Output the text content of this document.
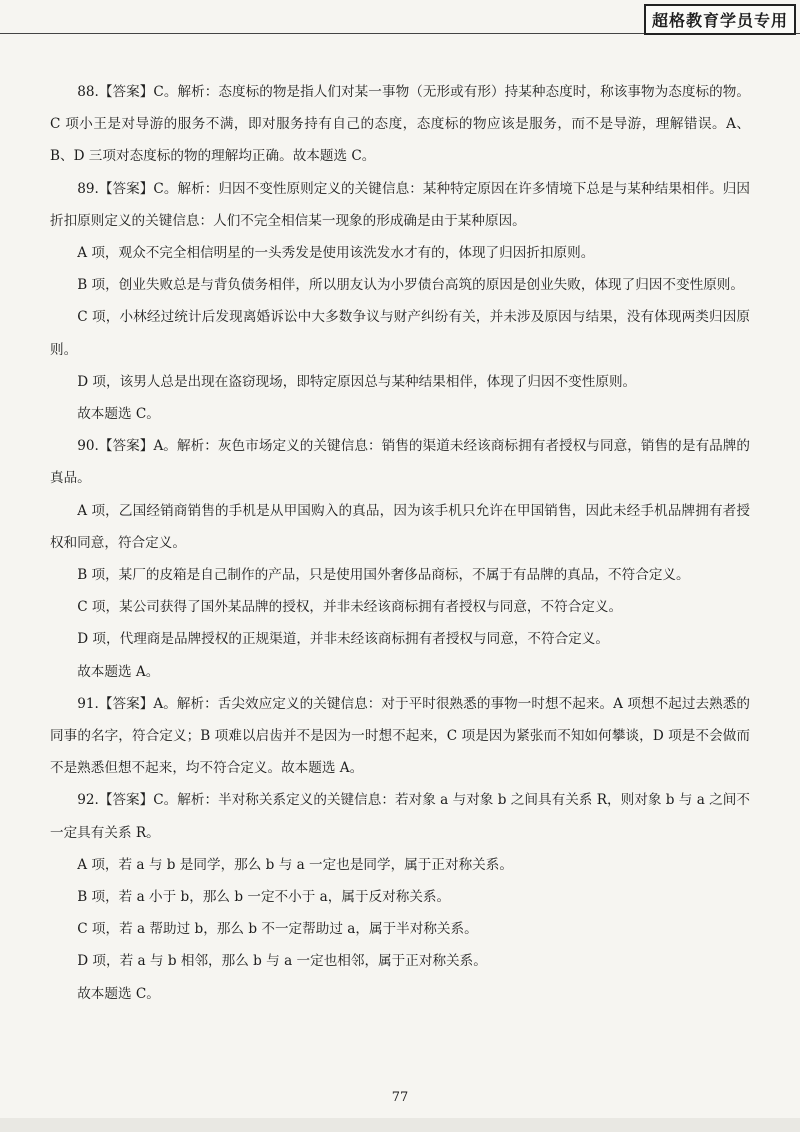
超格教育学员专用

88.【答案】C。解析：态度标的物是指人们对某一事物（无形或有形）持某种态度时，称该事物为态度标的物。C 项小王是对导游的服务不满，即对服务持有自己的态度，态度标的物应该是服务，而不是导游，理解错误。A、B、D 三项对态度标的物的理解均正确。故本题选 C。

89.【答案】C。解析：归因不变性原则定义的关键信息：某种特定原因在许多情境下总是与某种结果相伴。归因折扣原则定义的关键信息：人们不完全相信某一现象的形成确是由于某种原因。

A 项，观众不完全相信明星的一头秀发是使用该洗发水才有的，体现了归因折扣原则。

B 项，创业失败总是与背负债务相伴，所以朋友认为小罗债台高筑的原因是创业失败，体现了归因不变性原则。

C 项，小林经过统计后发现离婚诉讼中大多数争议与财产纠纷有关，并未涉及原因与结果，没有体现两类归因原则。

D 项，该男人总是出现在盗窃现场，即特定原因总与某种结果相伴，体现了归因不变性原则。

故本题选 C。

90.【答案】A。解析：灰色市场定义的关键信息：销售的渠道未经该商标拥有者授权与同意，销售的是有品牌的真品。

A 项，乙国经销商销售的手机是从甲国购入的真品，因为该手机只允许在甲国销售，因此未经手机品牌拥有者授权和同意，符合定义。

B 项，某厂的皮箱是自己制作的产品，只是使用国外奢侈品商标，不属于有品牌的真品，不符合定义。

C 项，某公司获得了国外某品牌的授权，并非未经该商标拥有者授权与同意，不符合定义。

D 项，代理商是品牌授权的正规渠道，并非未经该商标拥有者授权与同意，不符合定义。

故本题选 A。

91.【答案】A。解析：舌尖效应定义的关键信息：对于平时很熟悉的事物一时想不起来。A 项想不起过去熟悉的同事的名字，符合定义；B 项难以启齿并不是因为一时想不起来，C 项是因为紧张而不知如何攀谈，D 项是不会做而不是熟悉但想不起来，均不符合定义。故本题选 A。

92.【答案】C。解析：半对称关系定义的关键信息：若对象 a 与对象 b 之间具有关系 R，则对象 b 与 a 之间不一定具有关系 R。

A 项，若 a 与 b 是同学，那么 b 与 a 一定也是同学，属于正对称关系。

B 项，若 a 小于 b，那么 b 一定不小于 a，属于反对称关系。

C 项，若 a 帮助过 b，那么 b 不一定帮助过 a，属于半对称关系。

D 项，若 a 与 b 相邻，那么 b 与 a 一定也相邻，属于正对称关系。

故本题选 C。

77
